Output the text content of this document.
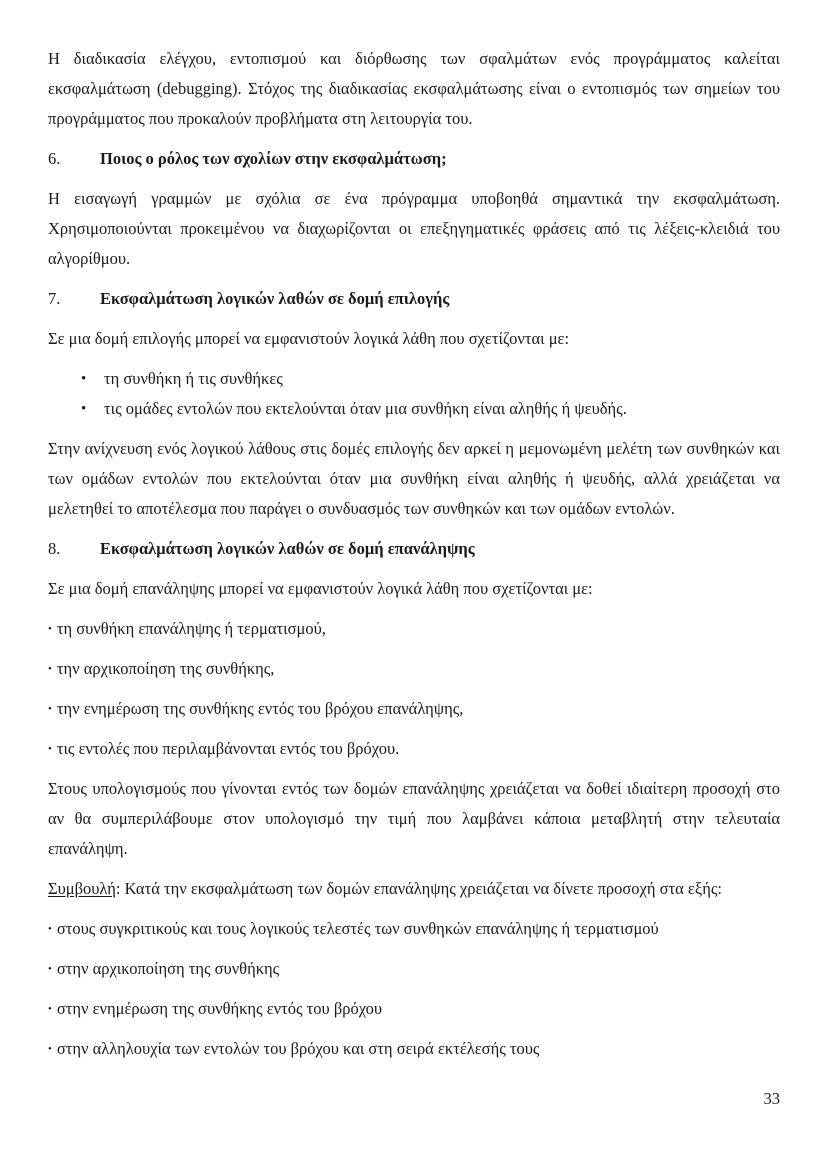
Η διαδικασία ελέγχου, εντοπισμού και διόρθωσης των σφαλμάτων ενός προγράμματος καλείται εκσφαλμάτωση (debugging). Στόχος της διαδικασίας εκσφαλμάτωσης είναι ο εντοπισμός των σημείων του προγράμματος που προκαλούν προβλήματα στη λειτουργία του.

6.	Ποιος ο ρόλος των σχολίων στην εκσφαλμάτωση;

Η εισαγωγή γραμμών με σχόλια σε ένα πρόγραμμα υποβοηθά σημαντικά την εκσφαλμάτωση. Χρησιμοποιούνται προκειμένου να διαχωρίζονται οι επεξηγηματικές φράσεις από τις λέξεις-κλειδιά του αλγορίθμου.

7.	Εκσφαλμάτωση λογικών λαθών σε δομή επιλογής

Σε μια δομή επιλογής μπορεί να εμφανιστούν λογικά λάθη που σχετίζονται με:

• τη συνθήκη ή τις συνθήκες
• τις ομάδες εντολών που εκτελούνται όταν μια συνθήκη είναι αληθής ή ψευδής.

Στην ανίχνευση ενός λογικού λάθους στις δομές επιλογής δεν αρκεί η μεμονωμένη μελέτη των συνθηκών και των ομάδων εντολών που εκτελούνται όταν μια συνθήκη είναι αληθής ή ψευδής, αλλά χρειάζεται να μελετηθεί το αποτέλεσμα που παράγει ο συνδυασμός των συνθηκών και των ομάδων εντολών.

8.	Εκσφαλμάτωση λογικών λαθών σε δομή επανάληψης

Σε μια δομή επανάληψης μπορεί να εμφανιστούν λογικά λάθη που σχετίζονται με:

• τη συνθήκη επανάληψης ή τερματισμού,

• την αρχικοποίηση της συνθήκης,

• την ενημέρωση της συνθήκης εντός του βρόχου επανάληψης,

• τις εντολές που περιλαμβάνονται εντός του βρόχου.

Στους υπολογισμούς που γίνονται εντός των δομών επανάληψης χρειάζεται να δοθεί ιδιαίτερη προσοχή στο αν θα συμπεριλάβουμε στον υπολογισμό την τιμή που λαμβάνει κάποια μεταβλητή στην τελευταία επανάληψη.

Συμβουλή: Κατά την εκσφαλμάτωση των δομών επανάληψης χρειάζεται να δίνετε προσοχή στα εξής:

• στους συγκριτικούς και τους λογικούς τελεστές των συνθηκών επανάληψης ή τερματισμού

• στην αρχικοποίηση της συνθήκης

• στην ενημέρωση της συνθήκης εντός του βρόχου

• στην αλληλουχία των εντολών του βρόχου και στη σειρά εκτέλεσής τους

33
